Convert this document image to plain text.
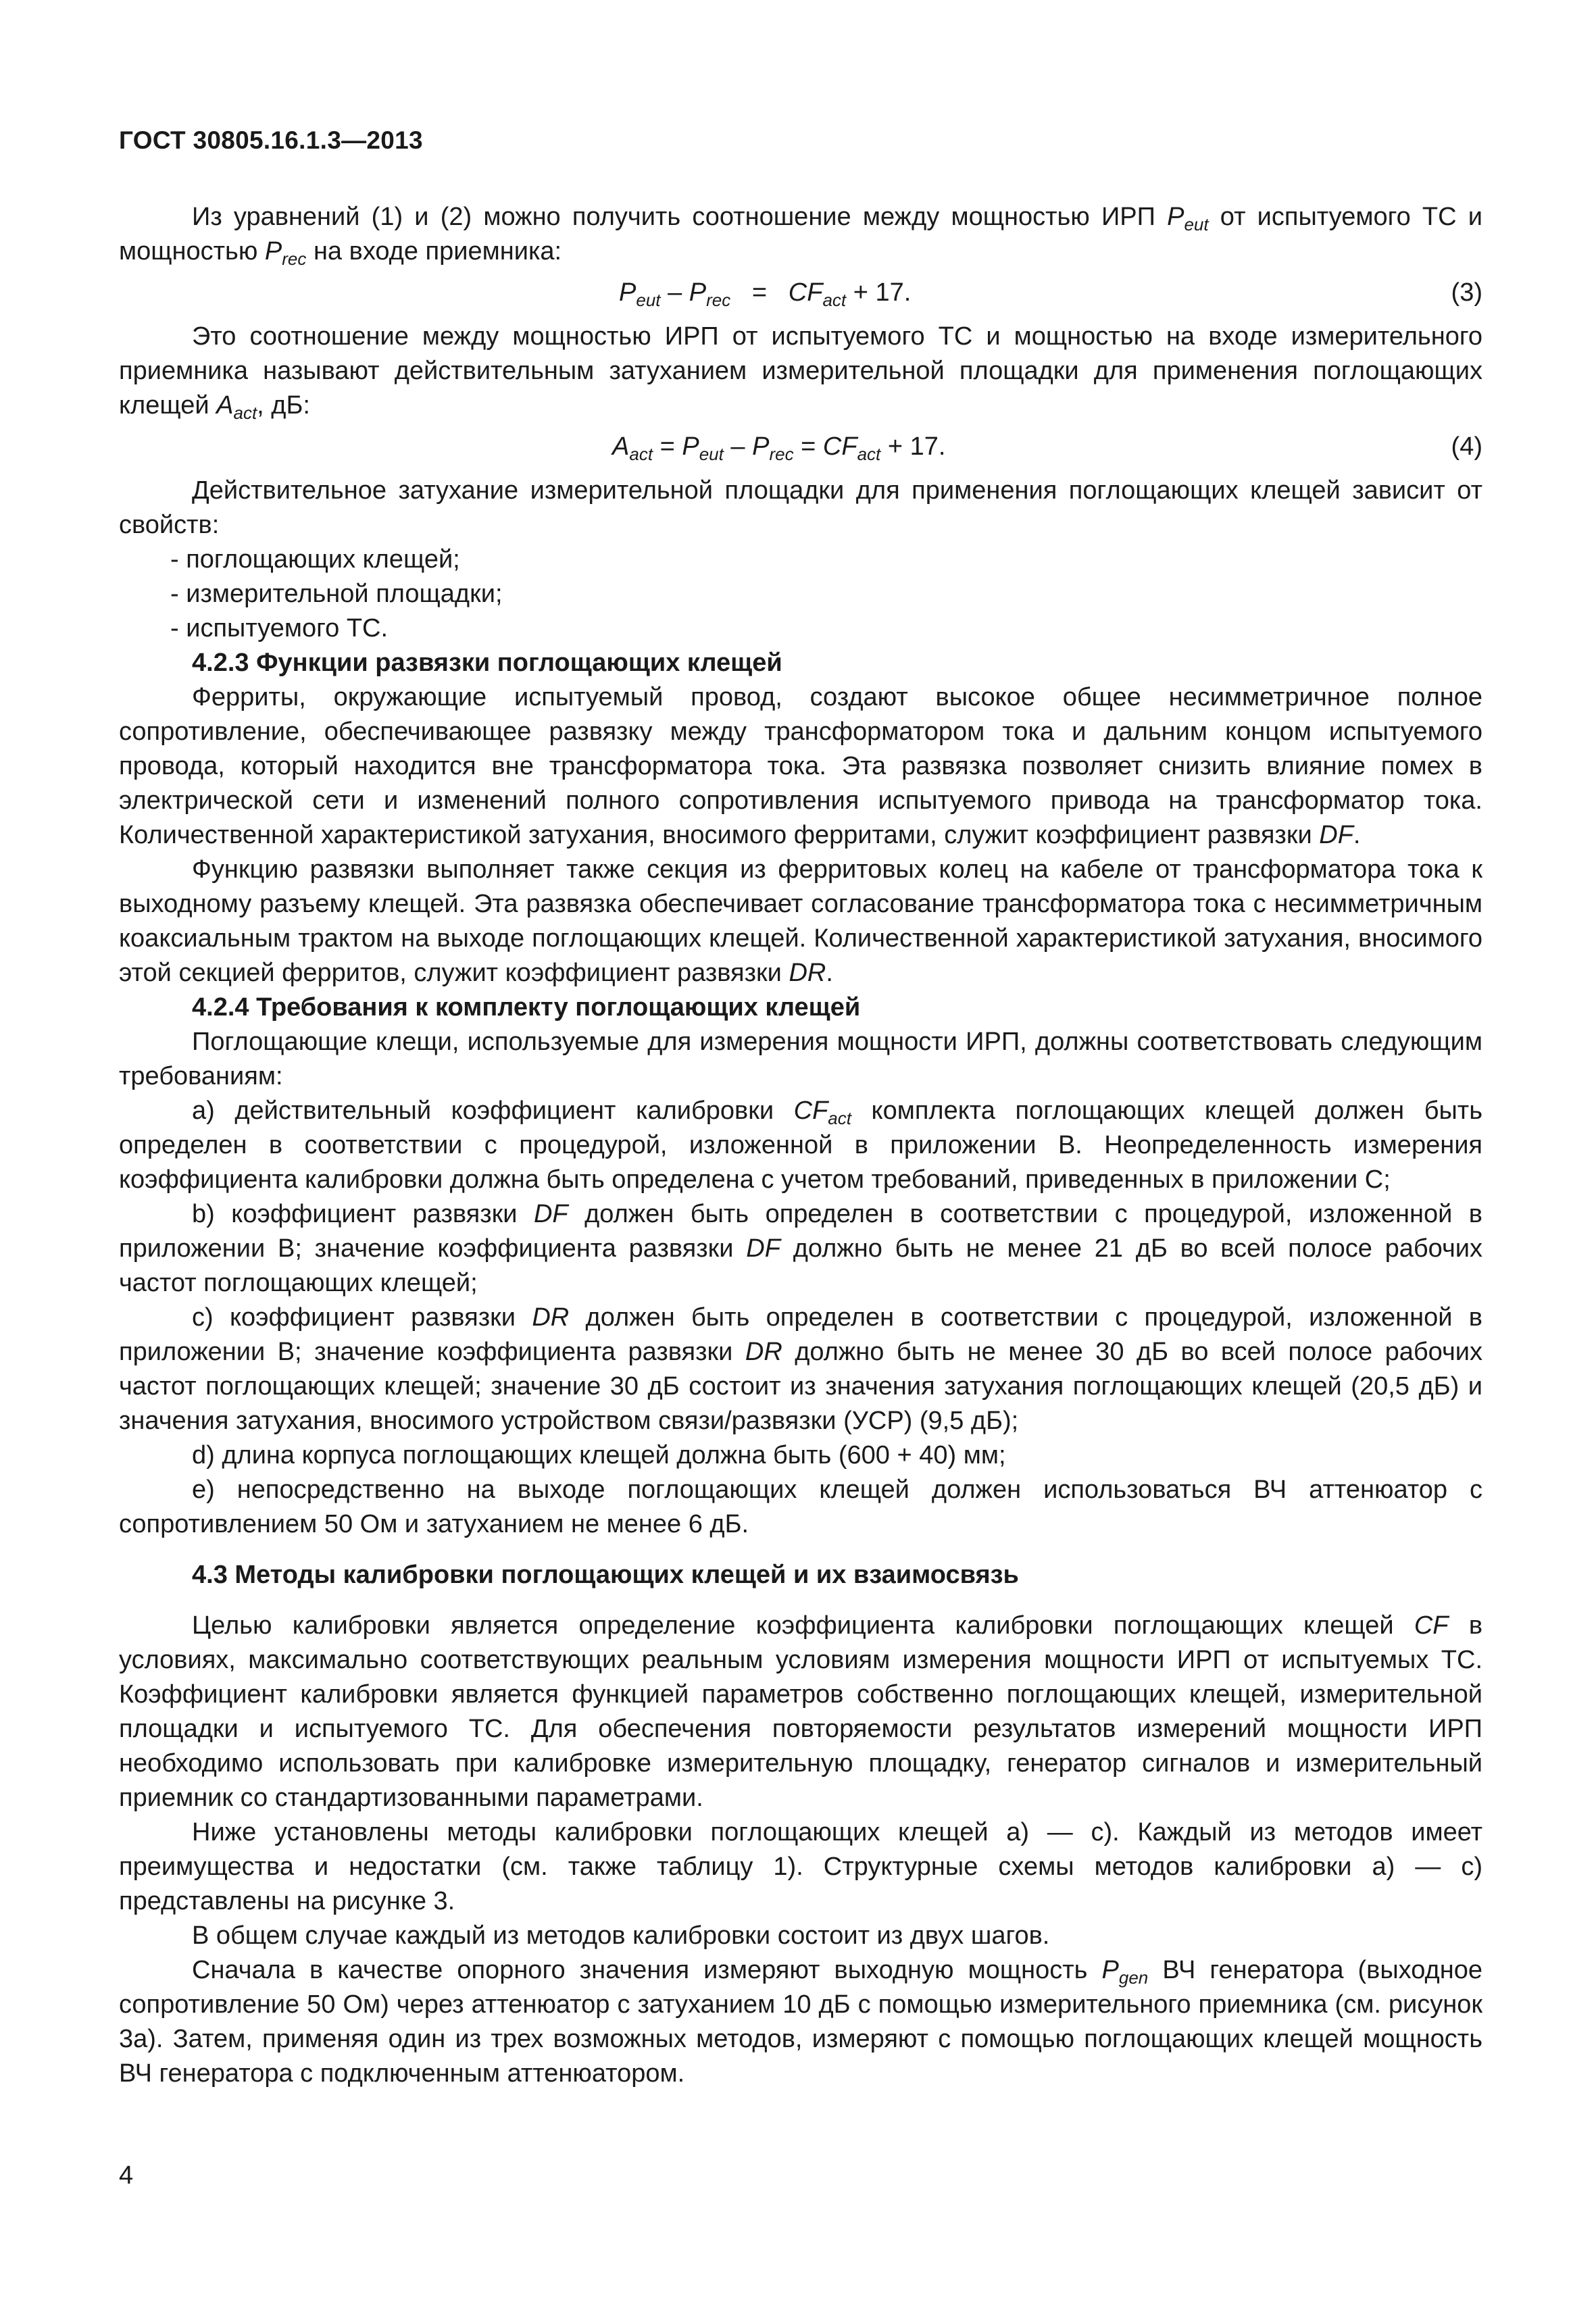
ГОСТ 30805.16.1.3—2013

Из уравнений (1) и (2) можно получить соотношение между мощностью ИРП $P_{eut}$ от испытуемого ТС и мощностью $P_{rec}$ на входе приемника:

$P_{eut} - P_{rec} = CF_{act} + 17$.	(3)

Это соотношение между мощностью ИРП от испытуемого ТС и мощностью на входе измерительного приемника называют действительным затуханием измерительной площадки для применения поглощающих клещей $A_{act}$, дБ:

$A_{act} = P_{eut} - P_{rec} = CF_{act} + 17$.	(4)

Действительное затухание измерительной площадки для применения поглощающих клещей зависит от свойств:

- поглощающих клещей;

- измерительной площадки;

- испытуемого ТС.

4.2.3 Функции развязки поглощающих клещей

Ферриты, окружающие испытуемый провод, создают высокое общее несимметричное полное сопротивление, обеспечивающее развязку между трансформатором тока и дальним концом испытуемого провода, который находится вне трансформатора тока. Эта развязка позволяет снизить влияние помех в электрической сети и изменений полного сопротивления испытуемого привода на трансформатор тока. Количественной характеристикой затухания, вносимого ферритами, служит коэффициент развязки DF.

Функцию развязки выполняет также секция из ферритовых колец на кабеле от трансформатора тока к выходному разъему клещей. Эта развязка обеспечивает согласование трансформатора тока с несимметричным коаксиальным трактом на выходе поглощающих клещей. Количественной характеристикой затухания, вносимого этой секцией ферритов, служит коэффициент развязки DR.

4.2.4 Требования к комплекту поглощающих клещей

Поглощающие клещи, используемые для измерения мощности ИРП, должны соответствовать следующим требованиям:

а) действительный коэффициент калибровки $CF_{act}$ комплекта поглощающих клещей должен быть определен в соответствии с процедурой, изложенной в приложении В. Неопределенность измерения коэффициента калибровки должна быть определена с учетом требований, приведенных в приложении С;

b) коэффициент развязки DF должен быть определен в соответствии с процедурой, изложенной в приложении В; значение коэффициента развязки DF должно быть не менее 21 дБ во всей полосе рабочих частот поглощающих клещей;

с) коэффициент развязки DR должен быть определен в соответствии с процедурой, изложенной в приложении В; значение коэффициента развязки DR должно быть не менее 30 дБ во всей полосе рабочих частот поглощающих клещей; значение 30 дБ состоит из значения затухания поглощающих клещей (20,5 дБ) и значения затухания, вносимого устройством связи/развязки (УСР) (9,5 дБ);

d) длина корпуса поглощающих клещей должна быть (600 + 40) мм;

е) непосредственно на выходе поглощающих клещей должен использоваться ВЧ аттенюатор с сопротивлением 50 Ом и затуханием не менее 6 дБ.

4.3 Методы калибровки поглощающих клещей и их взаимосвязь

Целью калибровки является определение коэффициента калибровки поглощающих клещей CF в условиях, максимально соответствующих реальным условиям измерения мощности ИРП от испытуемых ТС. Коэффициент калибровки является функцией параметров собственно поглощающих клещей, измерительной площадки и испытуемого ТС. Для обеспечения повторяемости результатов измерений мощности ИРП необходимо использовать при калибровке измерительную площадку, генератор сигналов и измерительный приемник со стандартизованными параметрами.

Ниже установлены методы калибровки поглощающих клещей а) — с). Каждый из методов имеет преимущества и недостатки (см. также таблицу 1). Структурные схемы методов калибровки а) — с) представлены на рисунке 3.

В общем случае каждый из методов калибровки состоит из двух шагов.

Сначала в качестве опорного значения измеряют выходную мощность $P_{gen}$ ВЧ генератора (выходное сопротивление 50 Ом) через аттенюатор с затуханием 10 дБ с помощью измерительного приемника (см. рисунок 3а). Затем, применяя один из трех возможных методов, измеряют с помощью поглощающих клещей мощность ВЧ генератора с подключенным аттенюатором.

4
